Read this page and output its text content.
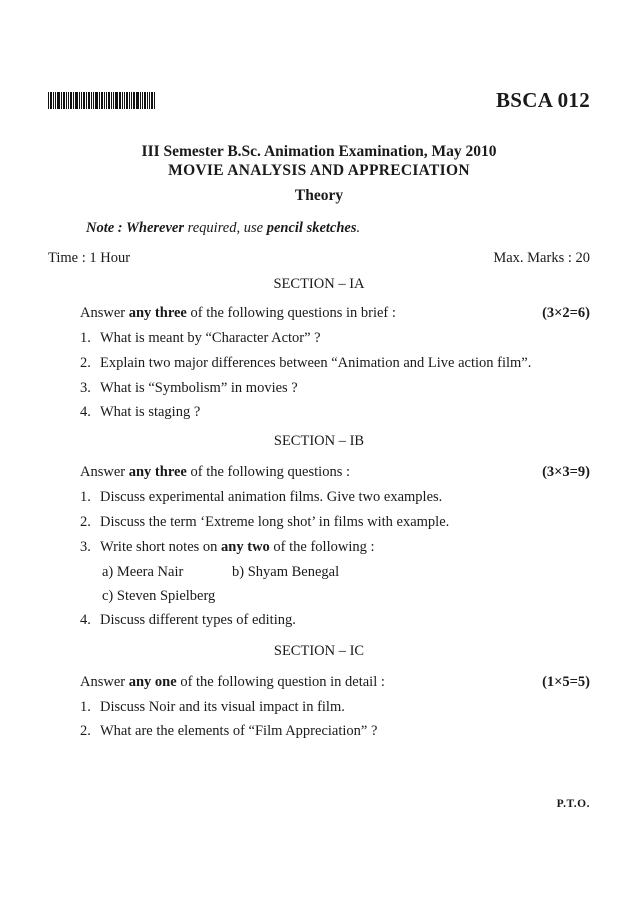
BSCA 012
III Semester B.Sc. Animation Examination, May 2010
MOVIE ANALYSIS AND APPRECIATION
Theory
Note : Wherever required, use pencil sketches.
Time : 1 Hour	Max. Marks : 20
SECTION – IA
Answer any three of the following questions in brief :	(3×2=6)
1. What is meant by “Character Actor” ?
2. Explain two major differences between “Animation and Live action film”.
3. What is “Symbolism” in movies ?
4. What is staging ?
SECTION – IB
Answer any three of the following questions :	(3×3=9)
1. Discuss experimental animation films. Give two examples.
2. Discuss the term ‘Extreme long shot’ in films with example.
3. Write short notes on any two of the following :
a) Meera Nair	b) Shyam Benegal
c) Steven Spielberg
4. Discuss different types of editing.
SECTION – IC
Answer any one of the following question in detail :	(1×5=5)
1. Discuss Noir and its visual impact in film.
2. What are the elements of “Film Appreciation” ?
P.T.O.
